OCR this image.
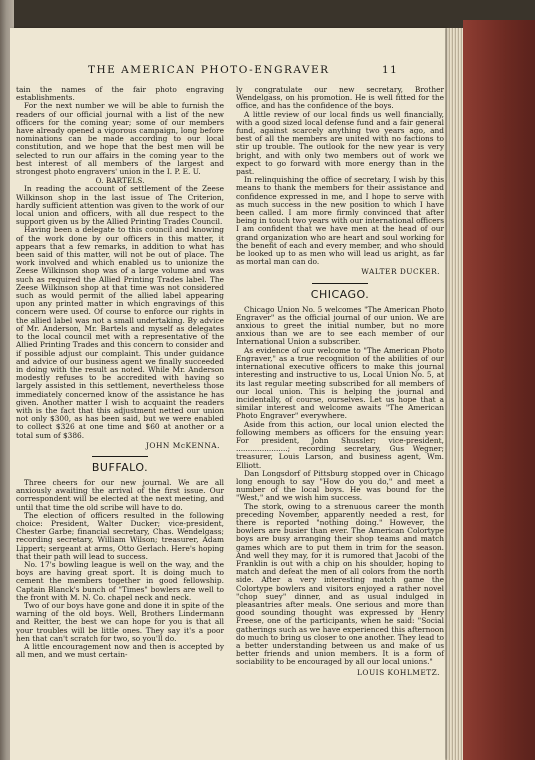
THE AMERICAN PHOTO-ENGRAVER	11

tain the names of the fair photo engraving establishments.

For the next number we will be able to furnish the readers of our official journal with a list of the new officers for the coming year; some of our members have already opened a vigorous campaign, long before nominations can be made according to our local constitution, and we hope that the best men will be selected to run our affairs in the coming year to the best interest of all members of the largest and strongest photo engravers' union in the I. P. E. U.

O. BARTELS.

In reading the account of settlement of the Zeese Wilkinson shop in the last issue of The Criterion, hardly sufficient attention was given to the work of our local union and officers, with all due respect to the support given us by the Allied Printing Trades Council.

Having been a delegate to this council and knowing of the work done by our officers in this matter, it appears that a few remarks, in addition to what has been said of this matter, will not be out of place. The work involved and which enabled us to unionize the Zeese Wilkinson shop was of a large volume and was such as required the Allied Printing Trades label. The Zeese Wilkinson shop at that time was not considered such as would permit of the allied label appearing upon any printed matter in which engravings of this concern were used. Of course to enforce our rights in the allied label was not a small undertaking. By advice of Mr. Anderson, Mr. Bartels and myself as delegates to the local council met with a representative of the Allied Printing Trades and this concern to consider and if possible adjust our complaint. This under guidance and advice of our business agent we finally succeeded in doing with the result as noted. While Mr. Anderson modestly refuses to be accredited with having so largely assisted in this settlement, nevertheless those immediately concerned know of the assistance he has given. Another matter I wish to acquaint the readers with is the fact that this adjustment netted our union not only $300, as has been said, but we were enabled to collect $326 at one time and $60 at another or a total sum of $386.

JOHN McKENNA.
BUFFALO.

Three cheers for our new journal. We are all anxiously awaiting the arrival of the first issue. Our correspondent will be elected at the next meeting, and until that time the old scribe will have to do.

The election of officers resulted in the following choice: President, Walter Ducker; vice-president, Chester Garbe; financial secretary, Chas. Wendelgass; recording secretary, William Wilson; treasurer, Adam Lippert; sergeant at arms, Otto Gerlach. Here's hoping that their path will lead to success.

No. 17's bowling league is well on the way, and the boys are having great sport. It is doing much to cement the members together in good fellowship. Captain Blanck's bunch of "Times" bowlers are well to the front with M. N. Co. chapel neck and neck.

Two of our boys have gone and done it in spite of the warning of the old boys. Well, Brothers Lindermann and Reitter, the best we can hope for you is that all your troubles will be little ones. They say it's a poor hen that can't scratch for two, so you'll do.

A little encouragement now and then is accepted by all men, and we must certain-

ly congratulate our new secretary, Brother Wendelgass, on his promotion. He is well fitted for the office, and has the confidence of the boys.

A little review of our local finds us well financially, with a good sized local defense fund and a fair general fund, against scarcely anything two years ago, and best of all the members are united with no factions to stir up trouble. The outlook for the new year is very bright, and with only two members out of work we expect to go forward with more energy than in the past.

In relinquishing the office of secretary, I wish by this means to thank the members for their assistance and confidence expressed in me, and I hope to serve with as much success in the new position to which I have been called. I am more firmly convinced that after being in touch two years with our international officers I am confident that we have men at the head of our grand organization who are heart and soul working for the benefit of each and every member, and who should be looked up to as men who will lead us aright, as far as mortal man can do.

WALTER DUCKER.
CHICAGO.

Chicago Union No. 5 welcomes "The American Photo Engraver" as the official journal of our union. We are anxious to greet the initial number, but no more anxious than we are to see each member of our International Union a subscriber.

As evidence of our welcome to "The American Photo Engraver," as a true recognition of the abilities of our international executive officers to make this journal interesting and instructive to us, Local Union No. 5, at its last regular meeting subscribed for all members of our local union. This is helping the journal and incidentally, of course, ourselves. Let us hope that a similar interest and welcome awaits "The American Photo Engraver" everywhere.

Aside from this action, our local union elected the following members as officers for the ensuing year: For president, John Shussler; vice-president, ......................; recording secretary, Gus Wegner; treasurer, Louis Larson, and business agent, Wm. Elliott.

Dan Longsdorf of Pittsburg stopped over in Chicago long enough to say "How do you do," and meet a number of the local boys. He was bound for the "West," and we wish him success.

The stork, owing to a strenuous career the month preceding November, apparently needed a rest, for there is reported "nothing doing." However, the bowlers are busier than ever. The American Colortype boys are busy arranging their shop teams and match games which are to put them in trim for the season. And well they may, for it is rumored that Jacobi of the Franklin is out with a chip on his shoulder, hoping to match and defeat the men of all colors from the north side. After a very interesting match game the Colortype bowlers and visitors enjoyed a rather novel "chop suey" dinner, and as usual indulged in pleasantries after meals. One serious and more than good sounding thought was expressed by Henry Freese, one of the participants, when he said: "Social gatherings such as we have experienced this afternoon do much to bring us closer to one another. They lead to a better understanding between us and make of us better friends and union members. It is a form of sociability to be encouraged by all our local unions."

LOUIS KOHLMETZ.
